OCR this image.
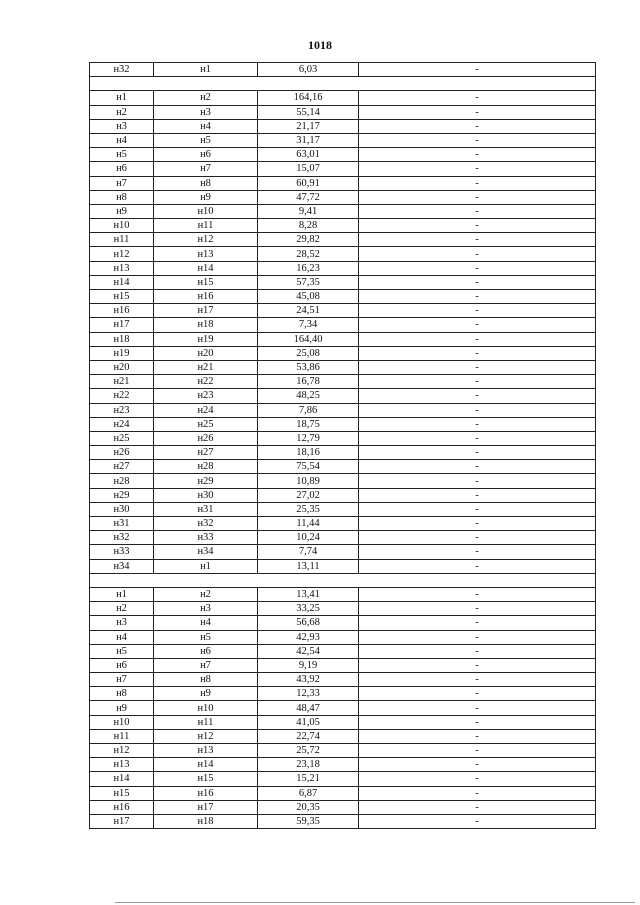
1018
н32	н1	6,03	-

н1	н2	164,16	-
н2	н3	55,14	-
н3	н4	21,17	-
н4	н5	31,17	-
н5	н6	63,01	-
н6	н7	15,07	-
н7	н8	60,91	-
н8	н9	47,72	-
н9	н10	9,41	-
н10	н11	8,28	-
н11	н12	29,82	-
н12	н13	28,52	-
н13	н14	16,23	-
н14	н15	57,35	-
н15	н16	45,08	-
н16	н17	24,51	-
н17	н18	7,34	-
н18	н19	164,40	-
н19	н20	25,08	-
н20	н21	53,86	-
н21	н22	16,78	-
н22	н23	48,25	-
н23	н24	7,86	-
н24	н25	18,75	-
н25	н26	12,79	-
н26	н27	18,16	-
н27	н28	75,54	-
н28	н29	10,89	-
н29	н30	27,02	-
н30	н31	25,35	-
н31	н32	11,44	-
н32	н33	10,24	-
н33	н34	7,74	-
н34	н1	13,11	-

н1	н2	13,41	-
н2	н3	33,25	-
н3	н4	56,68	-
н4	н5	42,93	-
н5	н6	42,54	-
н6	н7	9,19	-
н7	н8	43,92	-
н8	н9	12,33	-
н9	н10	48,47	-
н10	н11	41,05	-
н11	н12	22,74	-
н12	н13	25,72	-
н13	н14	23,18	-
н14	н15	15,21	-
н15	н16	6,87	-
н16	н17	20,35	-
н17	н18	59,35	-
